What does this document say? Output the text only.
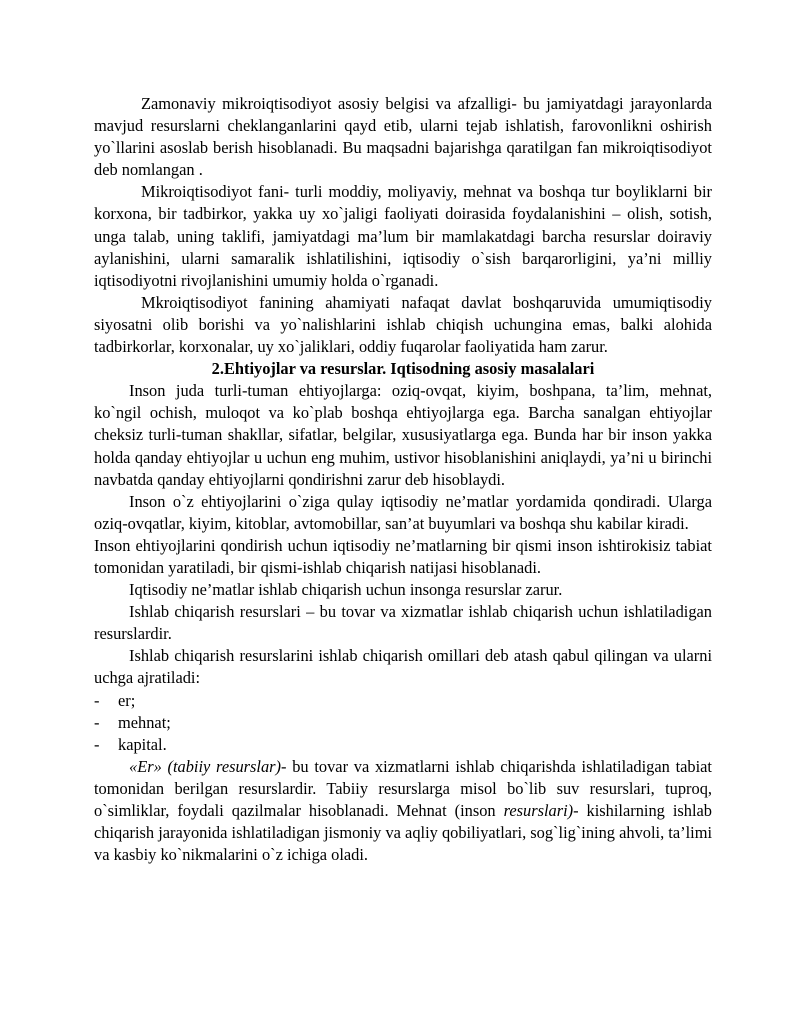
Zamonaviy mikroiqtisodiyot asosiy belgisi va afzalligi- bu jamiyatdagi jarayonlarda mavjud resurslarni cheklanganlarini qayd etib, ularni tejab ishlatish, farovonlikni oshirish yo`llarini asoslab berish hisoblanadi. Bu maqsadni bajarishga qaratilgan fan mikroiqtisodiyot deb nomlangan .

Mikroiqtisodiyot fani- turli moddiy, moliyaviy, mehnat va boshqa tur boyliklarni bir korxona, bir tadbirkor, yakka uy xo`jaligi faoliyati doirasida foydalanishini – olish, sotish, unga talab, uning taklifi, jamiyatdagi ma’lum bir mamlakatdagi barcha resurslar doiraviy aylanishini, ularni samaralik ishlatilishini, iqtisodiy o`sish barqarorligini, ya’ni milliy iqtisodiyotni rivojlanishini umumiy holda o`rganadi.

Mkroiqtisodiyot fanining ahamiyati nafaqat davlat boshqaruvida umumiqtisodiy siyosatni olib borishi va yo`nalishlarini ishlab chiqish uchungina emas, balki alohida tadbirkorlar, korxonalar, uy xo`jaliklari, oddiy fuqarolar faoliyatida ham zarur.

2.Ehtiyojlar va resurslar. Iqtisodning asosiy masalalari

Inson juda turli-tuman ehtiyojlarga: oziq-ovqat, kiyim, boshpana, ta’lim, mehnat, ko`ngil ochish, muloqot va ko`plab boshqa ehtiyojlarga ega. Barcha sanalgan ehtiyojlar cheksiz turli-tuman shakllar, sifatlar, belgilar, xususiyatlarga ega. Bunda har bir inson yakka holda qanday ehtiyojlar u uchun eng muhim, ustivor hisoblanishini aniqlaydi, ya’ni u birinchi navbatda qanday ehtiyojlarni qondirishni zarur deb hisoblaydi.

Inson o`z ehtiyojlarini o`ziga qulay iqtisodiy ne’matlar yordamida qondiradi. Ularga oziq-ovqatlar, kiyim, kitoblar, avtomobillar, san’at buyumlari va boshqa shu kabilar kiradi.

Inson ehtiyojlarini qondirish uchun iqtisodiy ne’matlarning bir qismi inson ishtirokisiz tabiat tomonidan yaratiladi, bir qismi-ishlab chiqarish natijasi hisoblanadi.

Iqtisodiy ne’matlar ishlab chiqarish uchun insonga resurslar zarur.

Ishlab chiqarish resurslari – bu tovar va xizmatlar ishlab chiqarish uchun ishlatiladigan resurslardir.

Ishlab chiqarish resurslarini ishlab chiqarish omillari deb atash qabul qilingan va ularni uchga ajratiladi:

-	er;
-	mehnat;
-	kapital.

«Er» (tabiiy resurslar)- bu tovar va xizmatlarni ishlab chiqarishda ishlatiladigan tabiat tomonidan berilgan resurslardir. Tabiiy resurslarga misol bo`lib suv resurslari, tuproq, o`simliklar, foydali qazilmalar hisoblanadi. Mehnat (inson resurslari)- kishilarning ishlab chiqarish jarayonida ishlatiladigan jismoniy va aqliy qobiliyatlari, sog`lig`ining ahvoli, ta’limi va kasbiy ko`nikmalarini o`z ichiga oladi.
